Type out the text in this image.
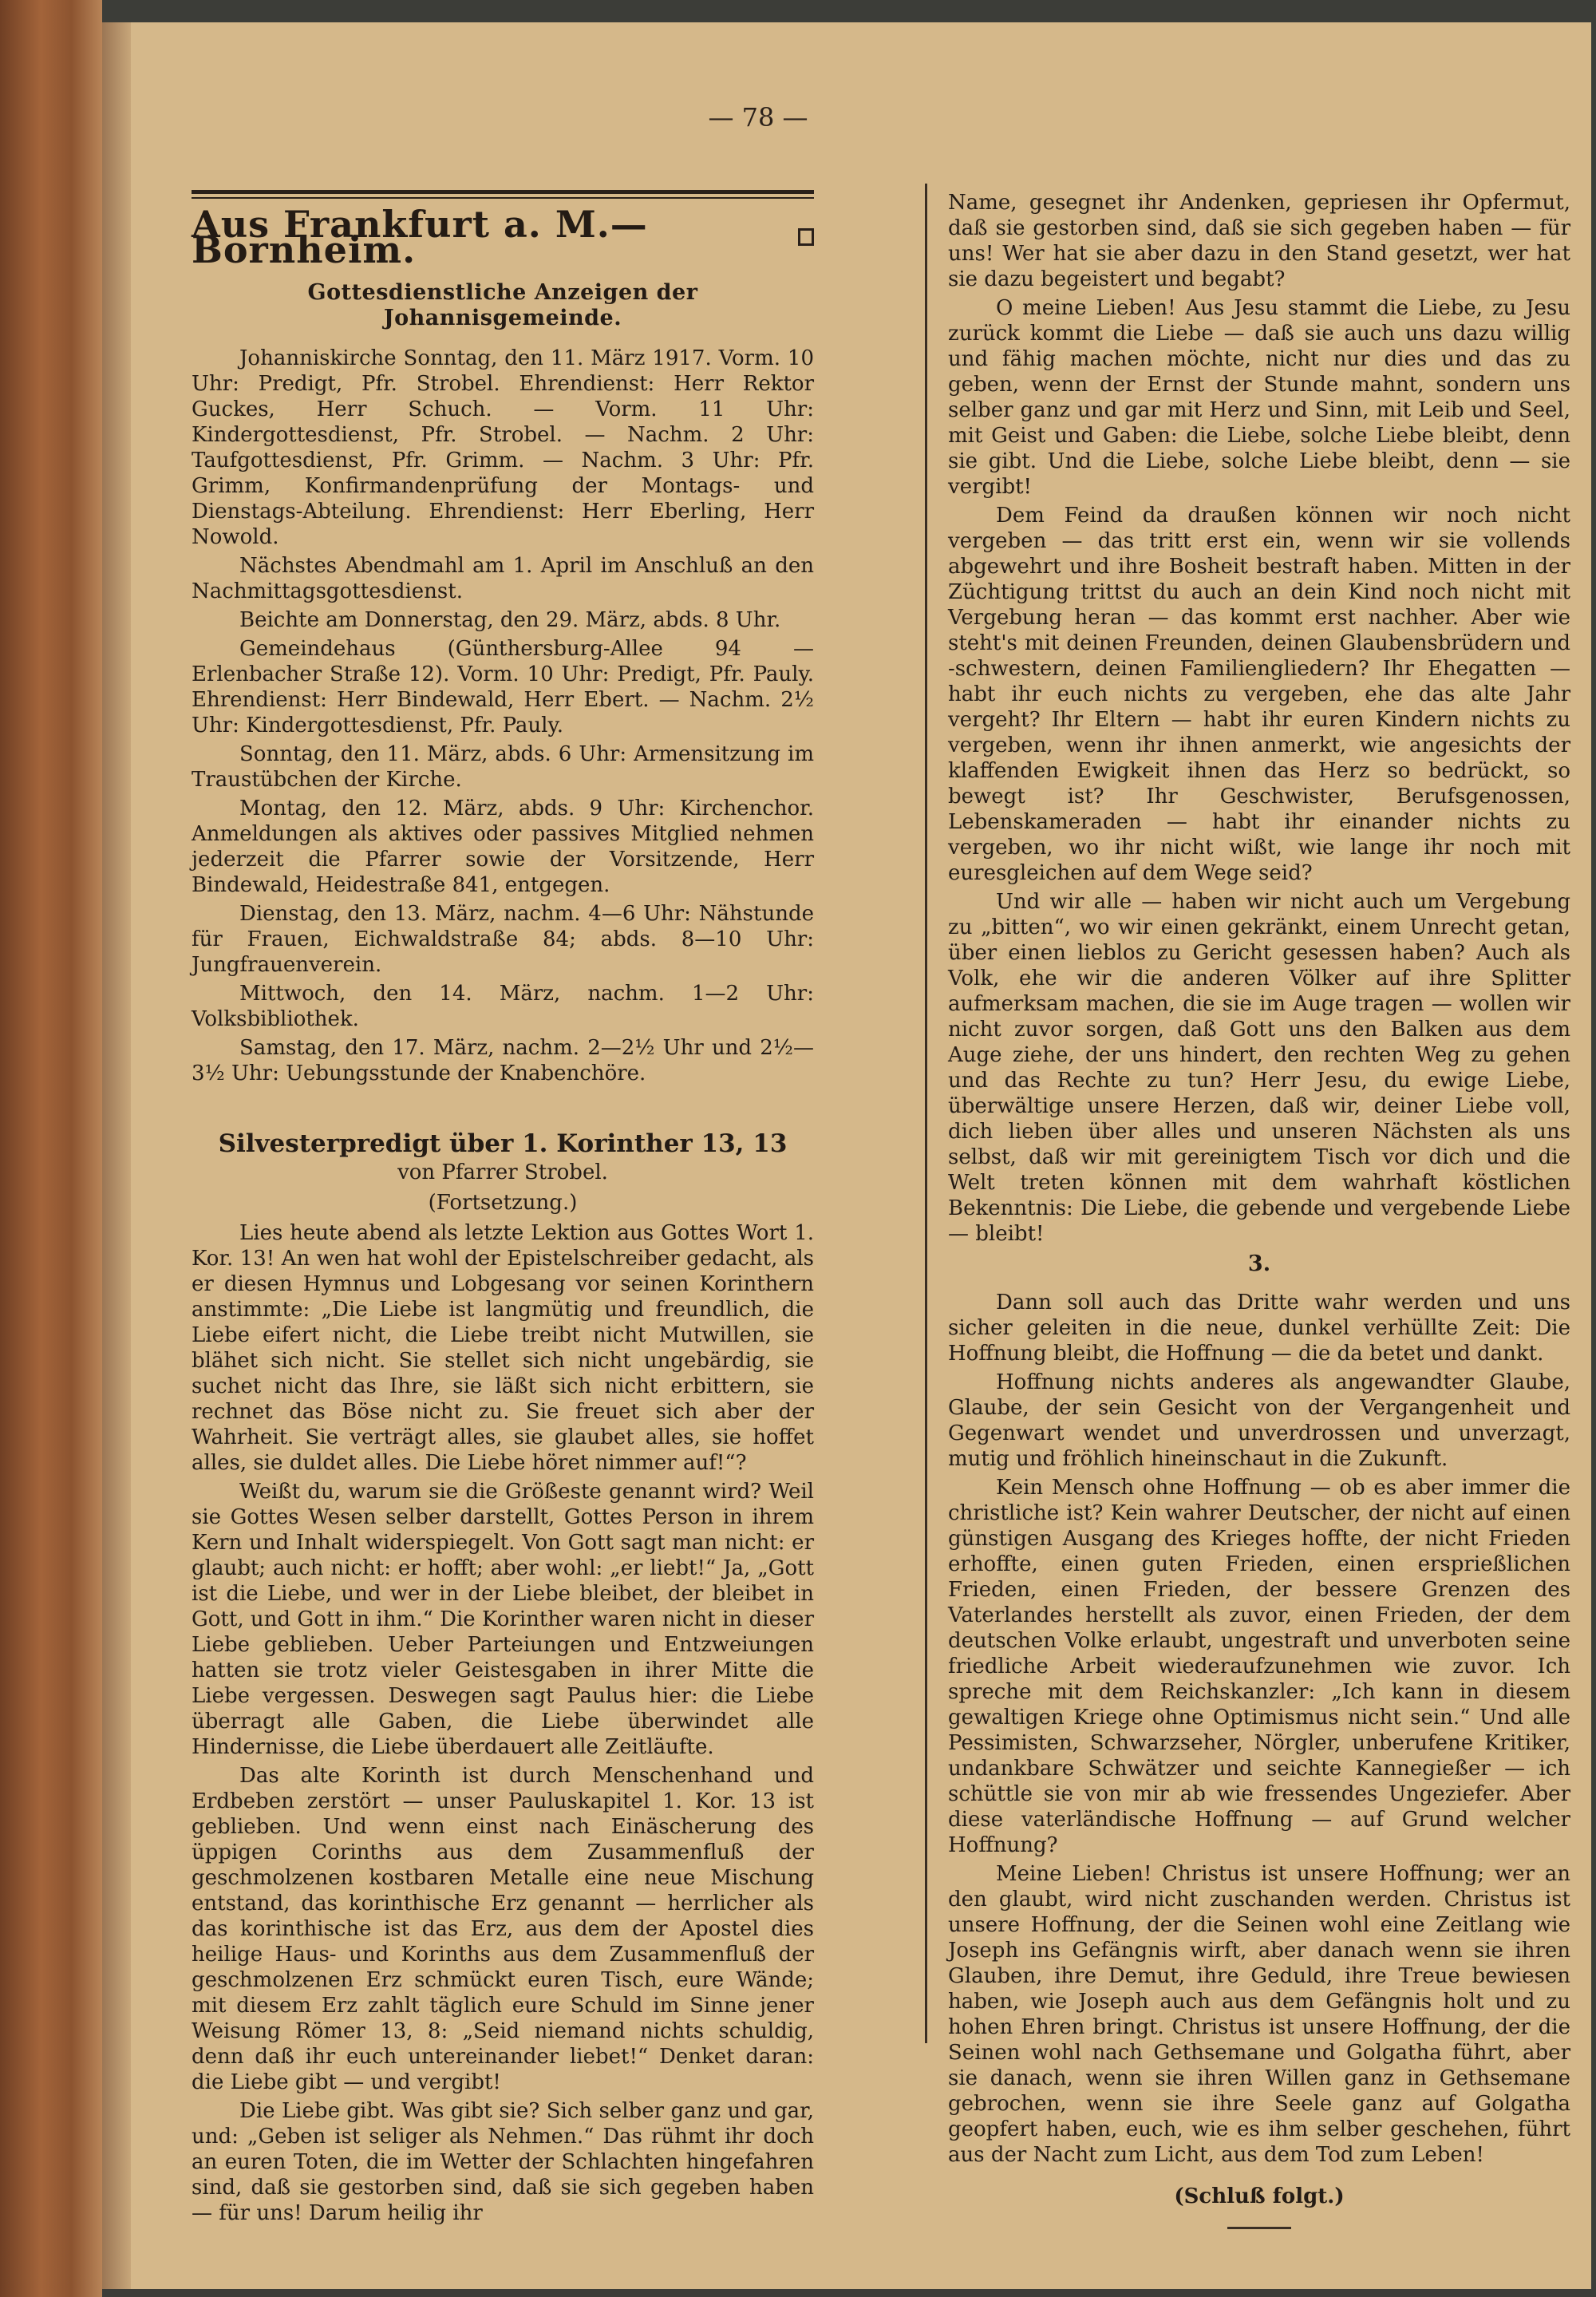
— 78 —
Aus Frankfurt a. M.—Bornheim.
Gottesdienstliche Anzeigen der Johannisgemeinde.

Johanniskirche Sonntag, den 11. März 1917. Vorm. 10 Uhr: Predigt, Pfr. Strobel. Ehrendienst: Herr Rektor Guckes, Herr Schuch. — Vorm. 11 Uhr: Kindergottesdienst, Pfr. Strobel. — Nachm. 2 Uhr: Taufgottesdienst, Pfr. Grimm. — Nachm. 3 Uhr: Pfr. Grimm, Konfirmandenprüfung der Montags- und Dienstags-Abteilung. Ehrendienst: Herr Eberling, Herr Nowold.

Nächstes Abendmahl am 1. April im Anschluß an den Nachmittagsgottesdienst.

Beichte am Donnerstag, den 29. März, abds. 8 Uhr.

Gemeindehaus (Günthersburg-Allee 94 — Erlenbacher Straße 12). Vorm. 10 Uhr: Predigt, Pfr. Pauly. Ehrendienst: Herr Bindewald, Herr Ebert. — Nachm. 2½ Uhr: Kindergottesdienst, Pfr. Pauly.

Sonntag, den 11. März, abds. 6 Uhr: Armensitzung im Traustübchen der Kirche.

Montag, den 12. März, abds. 9 Uhr: Kirchenchor. Anmeldungen als aktives oder passives Mitglied nehmen jederzeit die Pfarrer sowie der Vorsitzende, Herr Bindewald, Heidestraße 841, entgegen.

Dienstag, den 13. März, nachm. 4—6 Uhr: Nähstunde für Frauen, Eichwaldstraße 84; abds. 8—10 Uhr: Jungfrauenverein.

Mittwoch, den 14. März, nachm. 1—2 Uhr: Volksbibliothek.

Samstag, den 17. März, nachm. 2—2½ Uhr und 2½—3½ Uhr: Uebungsstunde der Knabenchöre.

Silvesterpredigt über 1. Korinther 13, 13
von Pfarrer Strobel.
(Fortsetzung.)

Lies heute abend als letzte Lektion aus Gottes Wort 1. Kor. 13! An wen hat wohl der Epistelschreiber gedacht, als er diesen Hymnus und Lobgesang vor seinen Korinthern anstimmte: „Die Liebe ist langmütig und freundlich, die Liebe eifert nicht, die Liebe treibt nicht Mutwillen, sie blähet sich nicht. Sie stellet sich nicht ungebärdig, sie suchet nicht das Ihre, sie läßt sich nicht erbittern, sie rechnet das Böse nicht zu. Sie freuet sich aber der Wahrheit. Sie verträgt alles, sie glaubet alles, sie hoffet alles, sie duldet alles. Die Liebe höret nimmer auf!“?

Weißt du, warum sie die Größeste genannt wird? Weil sie Gottes Wesen selber darstellt, Gottes Person in ihrem Kern und Inhalt widerspiegelt. Von Gott sagt man nicht: er glaubt; auch nicht: er hofft; aber wohl: „er liebt!“ Ja, „Gott ist die Liebe, und wer in der Liebe bleibet, der bleibet in Gott, und Gott in ihm.“ Die Korinther waren nicht in dieser Liebe geblieben. Ueber Parteiungen und Entzweiungen hatten sie trotz vieler Geistesgaben in ihrer Mitte die Liebe vergessen. Deswegen sagt Paulus hier: die Liebe überragt alle Gaben, die Liebe überwindet alle Hindernisse, die Liebe überdauert alle Zeitläufte.

Das alte Korinth ist durch Menschenhand und Erdbeben zerstört — unser Pauluskapitel 1. Kor. 13 ist geblieben. Und wenn einst nach Einäscherung des üppigen Corinths aus dem Zusammenfluß der geschmolzenen kostbaren Metalle eine neue Mischung entstand, das korinthische Erz genannt — herrlicher als das korinthische ist das Erz, aus dem der Apostel dies heilige Haus- und Korinths aus dem Zusammenfluß der geschmolzenen Erz schmückt euren Tisch, eure Wände; mit diesem Erz zahlt täglich eure Schuld im Sinne jener Weisung Römer 13, 8: „Seid niemand nichts schuldig, denn daß ihr euch untereinander liebet!“ Denket daran: die Liebe gibt — und vergibt!

Die Liebe gibt. Was gibt sie? Sich selber ganz und gar, und: „Geben ist seliger als Nehmen.“ Das rühmt ihr doch an euren Toten, die im Wetter der Schlachten hingefahren sind, daß sie gestorben sind, daß sie sich gegeben haben — für uns! Darum heilig ihr

Name, gesegnet ihr Andenken, gepriesen ihr Opfermut, daß sie gestorben sind, daß sie sich gegeben haben — für uns! Wer hat sie aber dazu in den Stand gesetzt, wer hat sie dazu begeistert und begabt?

O meine Lieben! Aus Jesu stammt die Liebe, zu Jesu zurück kommt die Liebe — daß sie auch uns dazu willig und fähig machen möchte, nicht nur dies und das zu geben, wenn der Ernst der Stunde mahnt, sondern uns selber ganz und gar mit Herz und Sinn, mit Leib und Seel, mit Geist und Gaben: die Liebe, solche Liebe bleibt, denn sie gibt. Und die Liebe, solche Liebe bleibt, denn — sie vergibt!

Dem Feind da draußen können wir noch nicht vergeben — das tritt erst ein, wenn wir sie vollends abgewehrt und ihre Bosheit bestraft haben. Mitten in der Züchtigung trittst du auch an dein Kind noch nicht mit Vergebung heran — das kommt erst nachher. Aber wie steht's mit deinen Freunden, deinen Glaubensbrüdern und -schwestern, deinen Familiengliedern? Ihr Ehegatten — habt ihr euch nichts zu vergeben, ehe das alte Jahr vergeht? Ihr Eltern — habt ihr euren Kindern nichts zu vergeben, wenn ihr ihnen anmerkt, wie angesichts der klaffenden Ewigkeit ihnen das Herz so bedrückt, so bewegt ist? Ihr Geschwister, Berufsgenossen, Lebenskameraden — habt ihr einander nichts zu vergeben, wo ihr nicht wißt, wie lange ihr noch mit euresgleichen auf dem Wege seid?

Und wir alle — haben wir nicht auch um Vergebung zu „bitten“, wo wir einen gekränkt, einem Unrecht getan, über einen lieblos zu Gericht gesessen haben? Auch als Volk, ehe wir die anderen Völker auf ihre Splitter aufmerksam machen, die sie im Auge tragen — wollen wir nicht zuvor sorgen, daß Gott uns den Balken aus dem Auge ziehe, der uns hindert, den rechten Weg zu gehen und das Rechte zu tun? Herr Jesu, du ewige Liebe, überwältige unsere Herzen, daß wir, deiner Liebe voll, dich lieben über alles und unseren Nächsten als uns selbst, daß wir mit gereinigtem Tisch vor dich und die Welt treten können mit dem wahrhaft köstlichen Bekenntnis: Die Liebe, die gebende und vergebende Liebe — bleibt!

3.

Dann soll auch das Dritte wahr werden und uns sicher geleiten in die neue, dunkel verhüllte Zeit: Die Hoffnung bleibt, die Hoffnung — die da betet und dankt.

Hoffnung nichts anderes als angewandter Glaube, Glaube, der sein Gesicht von der Vergangenheit und Gegenwart wendet und unverdrossen und unverzagt, mutig und fröhlich hineinschaut in die Zukunft.

Kein Mensch ohne Hoffnung — ob es aber immer die christliche ist? Kein wahrer Deutscher, der nicht auf einen günstigen Ausgang des Krieges hoffte, der nicht Frieden erhoffte, einen guten Frieden, einen ersprießlichen Frieden, einen Frieden, der bessere Grenzen des Vaterlandes herstellt als zuvor, einen Frieden, der dem deutschen Volke erlaubt, ungestraft und unverboten seine friedliche Arbeit wiederaufzunehmen wie zuvor. Ich spreche mit dem Reichskanzler: „Ich kann in diesem gewaltigen Kriege ohne Optimismus nicht sein.“ Und alle Pessimisten, Schwarzseher, Nörgler, unberufene Kritiker, undankbare Schwätzer und seichte Kannegießer — ich schüttle sie von mir ab wie fressendes Ungeziefer. Aber diese vaterländische Hoffnung — auf Grund welcher Hoffnung?

Meine Lieben! Christus ist unsere Hoffnung; wer an den glaubt, wird nicht zuschanden werden. Christus ist unsere Hoffnung, der die Seinen wohl eine Zeitlang wie Joseph ins Gefängnis wirft, aber danach wenn sie ihren Glauben, ihre Demut, ihre Geduld, ihre Treue bewiesen haben, wie Joseph auch aus dem Gefängnis holt und zu hohen Ehren bringt. Christus ist unsere Hoffnung, der die Seinen wohl nach Gethsemane und Golgatha führt, aber sie danach, wenn sie ihren Willen ganz in Gethsemane gebrochen, wenn sie ihre Seele ganz auf Golgatha geopfert haben, euch, wie es ihm selber geschehen, führt aus der Nacht zum Licht, aus dem Tod zum Leben!

(Schluß folgt.)
